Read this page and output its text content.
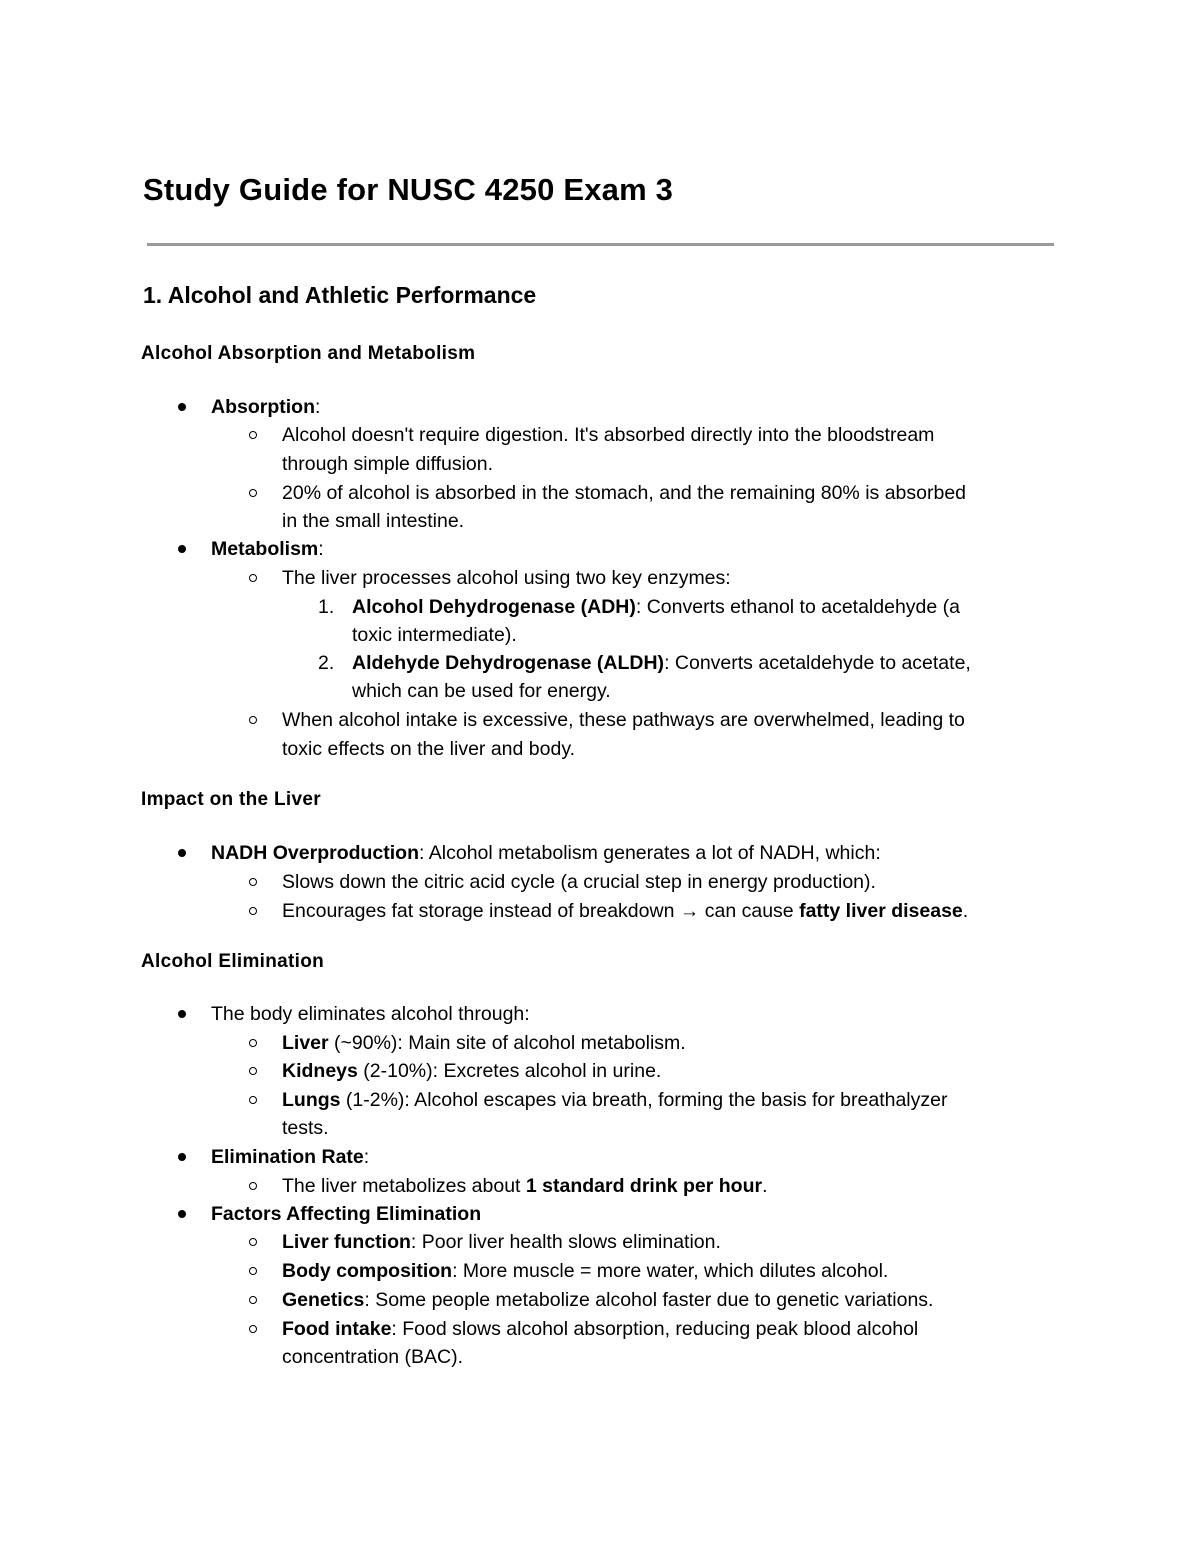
Study Guide for NUSC 4250 Exam 3
1. Alcohol and Athletic Performance
Alcohol Absorption and Metabolism
Absorption:
Alcohol doesn't require digestion. It's absorbed directly into the bloodstream
through simple diffusion.
20% of alcohol is absorbed in the stomach, and the remaining 80% is absorbed
in the small intestine.
Metabolism:
The liver processes alcohol using two key enzymes:
1. Alcohol Dehydrogenase (ADH): Converts ethanol to acetaldehyde (a
toxic intermediate).
2. Aldehyde Dehydrogenase (ALDH): Converts acetaldehyde to acetate,
which can be used for energy.
When alcohol intake is excessive, these pathways are overwhelmed, leading to
toxic effects on the liver and body.
Impact on the Liver
NADH Overproduction: Alcohol metabolism generates a lot of NADH, which:
Slows down the citric acid cycle (a crucial step in energy production).
Encourages fat storage instead of breakdown → can cause fatty liver disease.
Alcohol Elimination
The body eliminates alcohol through:
Liver (~90%): Main site of alcohol metabolism.
Kidneys (2-10%): Excretes alcohol in urine.
Lungs (1-2%): Alcohol escapes via breath, forming the basis for breathalyzer
tests.
Elimination Rate:
The liver metabolizes about 1 standard drink per hour.
Factors Affecting Elimination
Liver function: Poor liver health slows elimination.
Body composition: More muscle = more water, which dilutes alcohol.
Genetics: Some people metabolize alcohol faster due to genetic variations.
Food intake: Food slows alcohol absorption, reducing peak blood alcohol
concentration (BAC).
